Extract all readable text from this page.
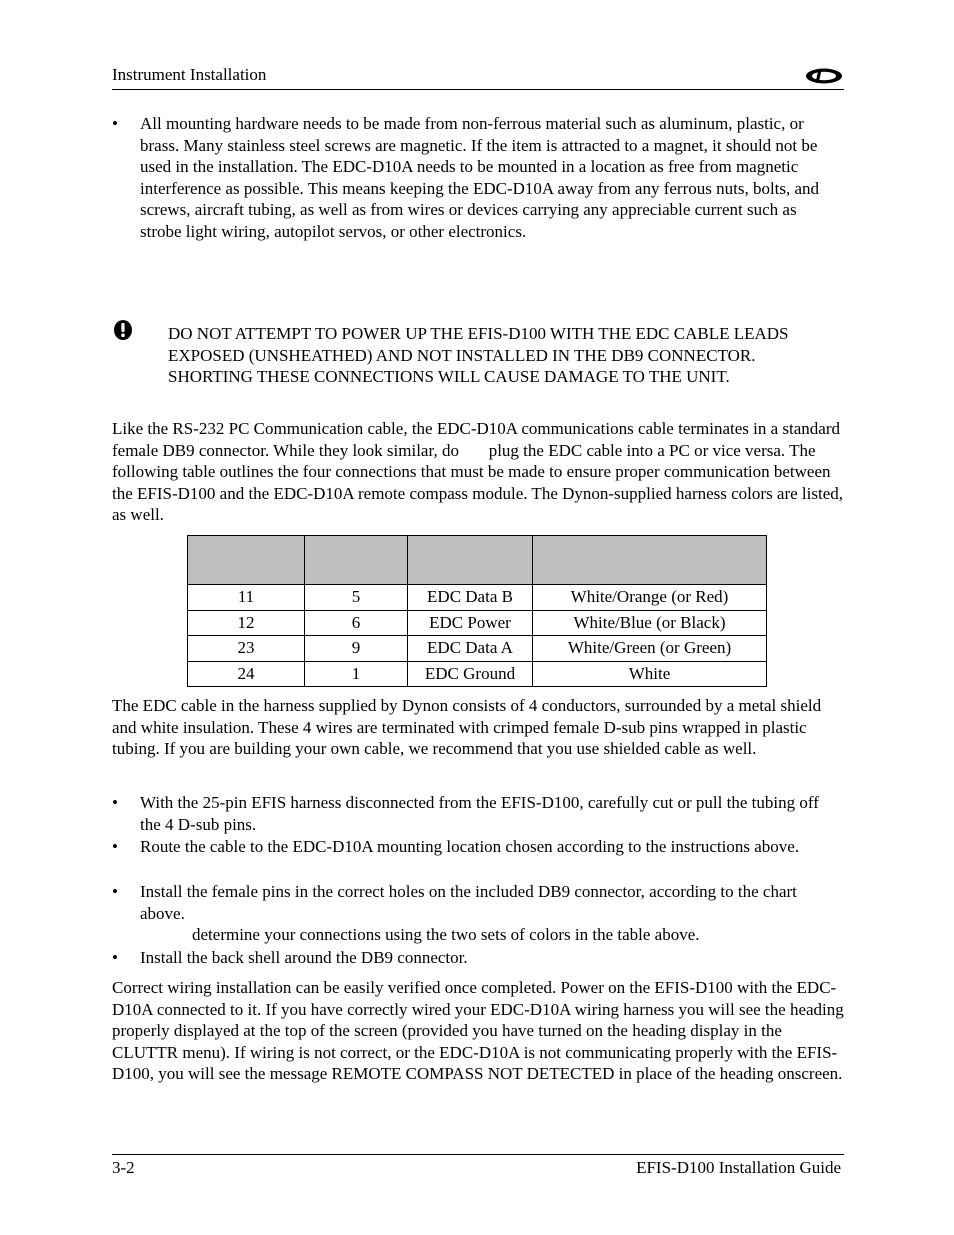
Instrument Installation
•	All mounting hardware needs to be made from non-ferrous material such as aluminum, plastic, or brass. Many stainless steel screws are magnetic. If the item is attracted to a magnet, it should not be used in the installation. The EDC-D10A needs to be mounted in a location as free from magnetic interference as possible. This means keeping the EDC-D10A away from any ferrous nuts, bolts, and screws, aircraft tubing, as well as from wires or devices carrying any appreciable current such as strobe light wiring, autopilot servos, or other electronics.
DO NOT ATTEMPT TO POWER UP THE EFIS-D100 WITH THE EDC CABLE LEADS EXPOSED (UNSHEATHED) AND NOT INSTALLED IN THE DB9 CONNECTOR. SHORTING THESE CONNECTIONS WILL CAUSE DAMAGE TO THE UNIT.

Like the RS-232 PC Communication cable, the EDC-D10A communications cable terminates in a standard female DB9 connector. While they look similar, do       plug the EDC cable into a PC or vice versa. The following table outlines the four connections that must be made to ensure proper communication between the EFIS-D100 and the EDC-D10A remote compass module. The Dynon-supplied harness colors are listed, as well.

11	5	EDC Data B	White/Orange (or Red)
12	6	EDC Power	White/Blue (or Black)
23	9	EDC Data A	White/Green (or Green)
24	1	EDC Ground	White

The EDC cable in the harness supplied by Dynon consists of 4 conductors, surrounded by a metal shield and white insulation. These 4 wires are terminated with crimped female D-sub pins wrapped in plastic tubing. If you are building your own cable, we recommend that you use shielded cable as well.

•	With the 25-pin EFIS harness disconnected from the EFIS-D100, carefully cut or pull the tubing off the 4 D-sub pins.
•	Route the cable to the EDC-D10A mounting location chosen according to the instructions above.
•	Install the female pins in the correct holes on the included DB9 connector, according to the chart above.
determine your connections using the two sets of colors in the table above.
•	Install the back shell around the DB9 connector.

Correct wiring installation can be easily verified once completed. Power on the EFIS-D100 with the EDC-D10A connected to it. If you have correctly wired your EDC-D10A wiring harness you will see the heading properly displayed at the top of the screen (provided you have turned on the heading display in the CLUTTR menu). If wiring is not correct, or the EDC-D10A is not communicating properly with the EFIS-D100, you will see the message REMOTE COMPASS NOT DETECTED in place of the heading onscreen.

3-2	EFIS-D100 Installation Guide
